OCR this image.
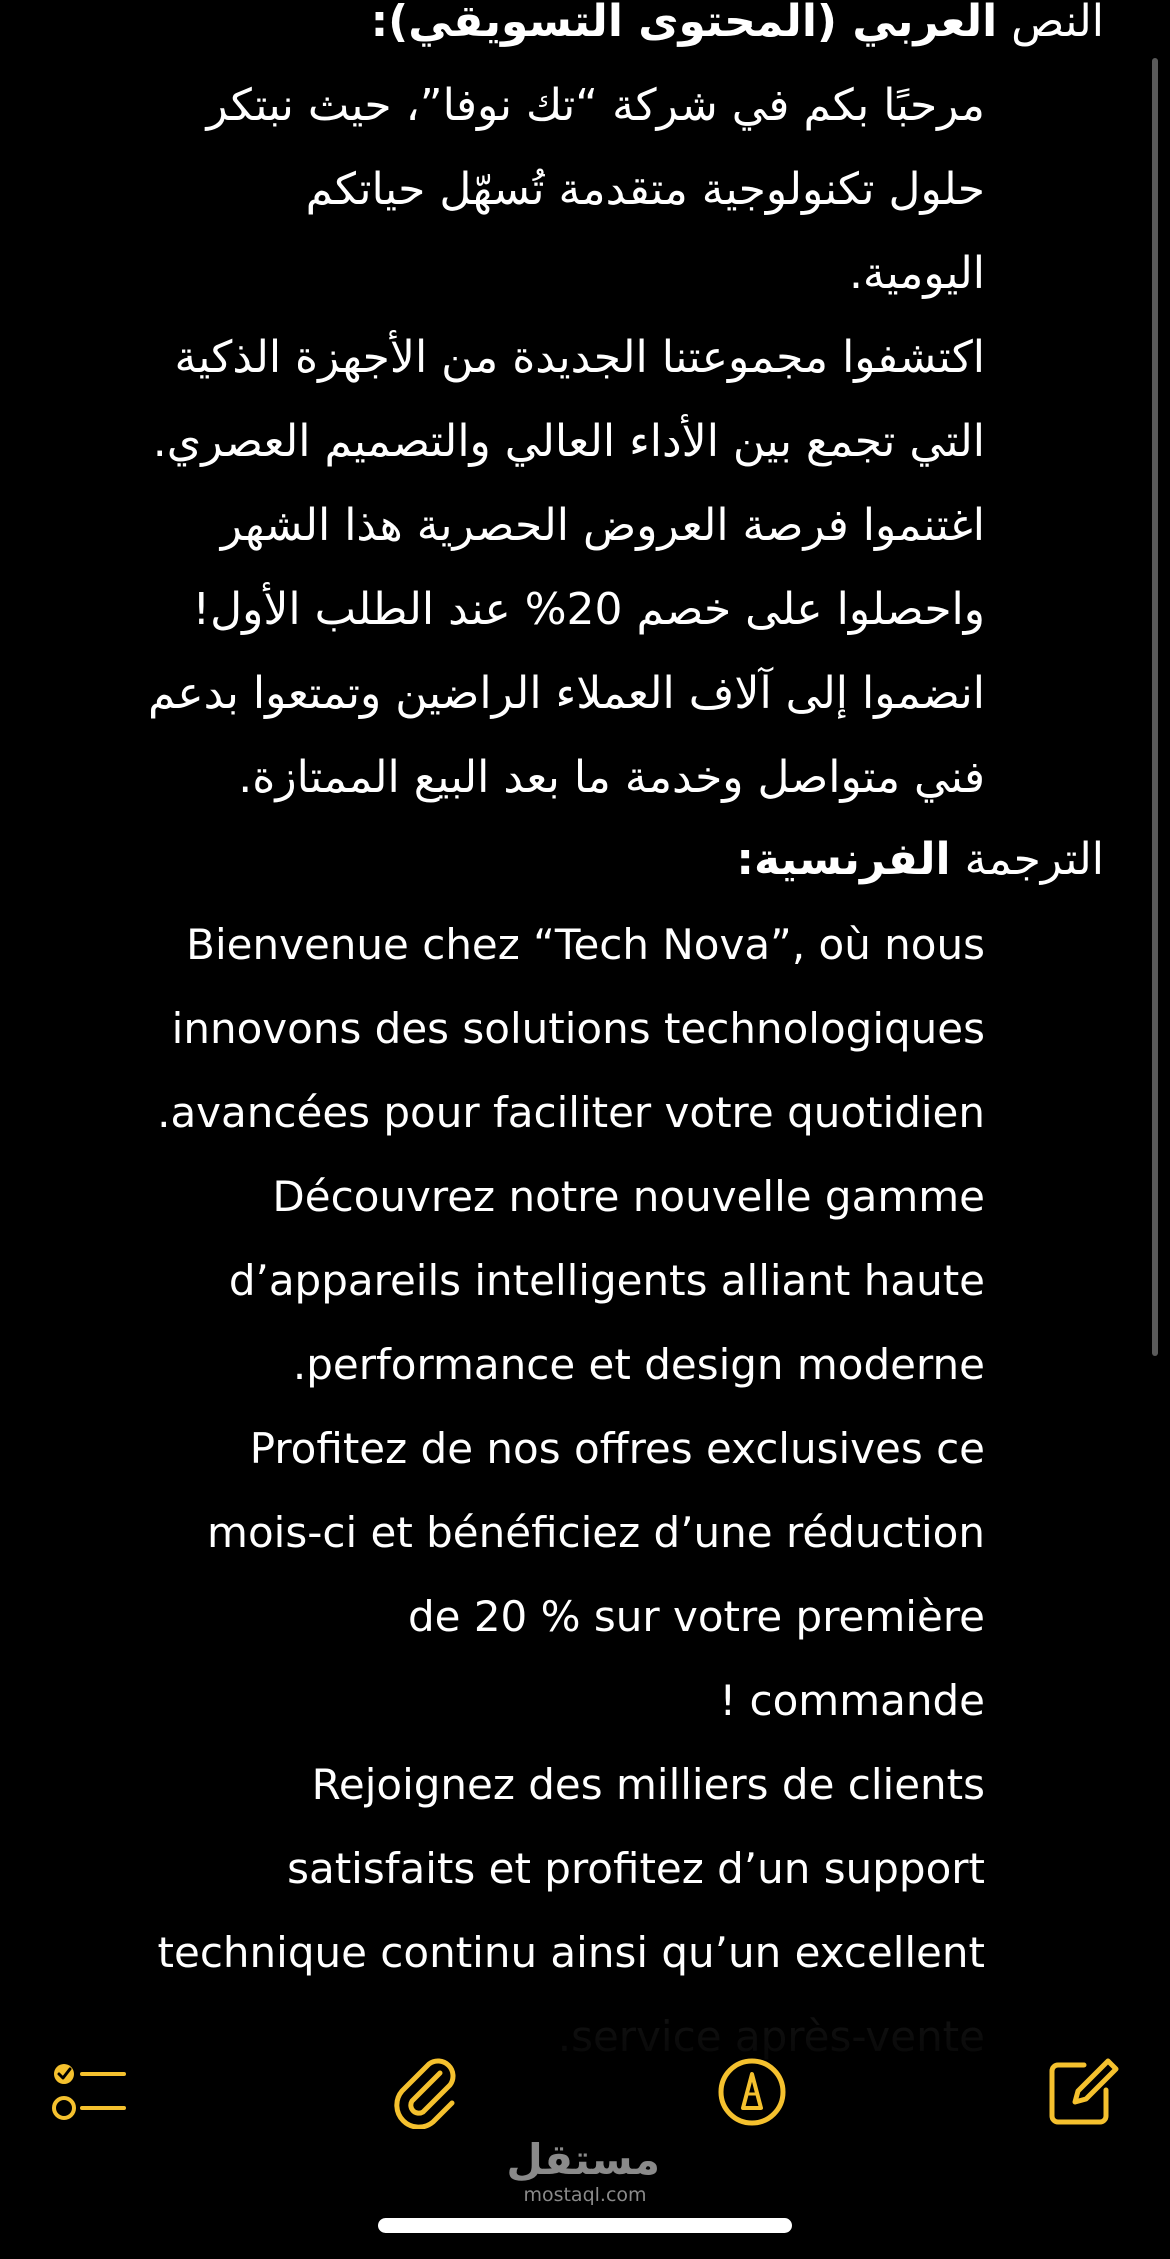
النص العربي (المحتوى التسويقي):
مرحبًا بكم في شركة “تك نوفا”، حيث نبتكر
حلول تكنولوجية متقدمة تُسهّل حياتكم
اليومية.
اكتشفوا مجموعتنا الجديدة من الأجهزة الذكية
التي تجمع بين الأداء العالي والتصميم العصري.
اغتنموا فرصة العروض الحصرية هذا الشهر
واحصلوا على خصم 20% عند الطلب الأول!
انضموا إلى آلاف العملاء الراضين وتمتعوا بدعم
فني متواصل وخدمة ما بعد البيع الممتازة.
الترجمة الفرنسية:
Bienvenue chez “Tech Nova”, où nous
innovons des solutions technologiques
.avancées pour faciliter votre quotidien
Découvrez notre nouvelle gamme
d’appareils intelligents alliant haute
.performance et design moderne
Profitez de nos offres exclusives ce
mois-ci et bénéficiez d’une réduction
de 20 % sur votre première
! commande
Rejoignez des milliers de clients
satisfaits et profitez d’un support
technique continu ainsi qu’un excellent
مستقل
mostaql.com
